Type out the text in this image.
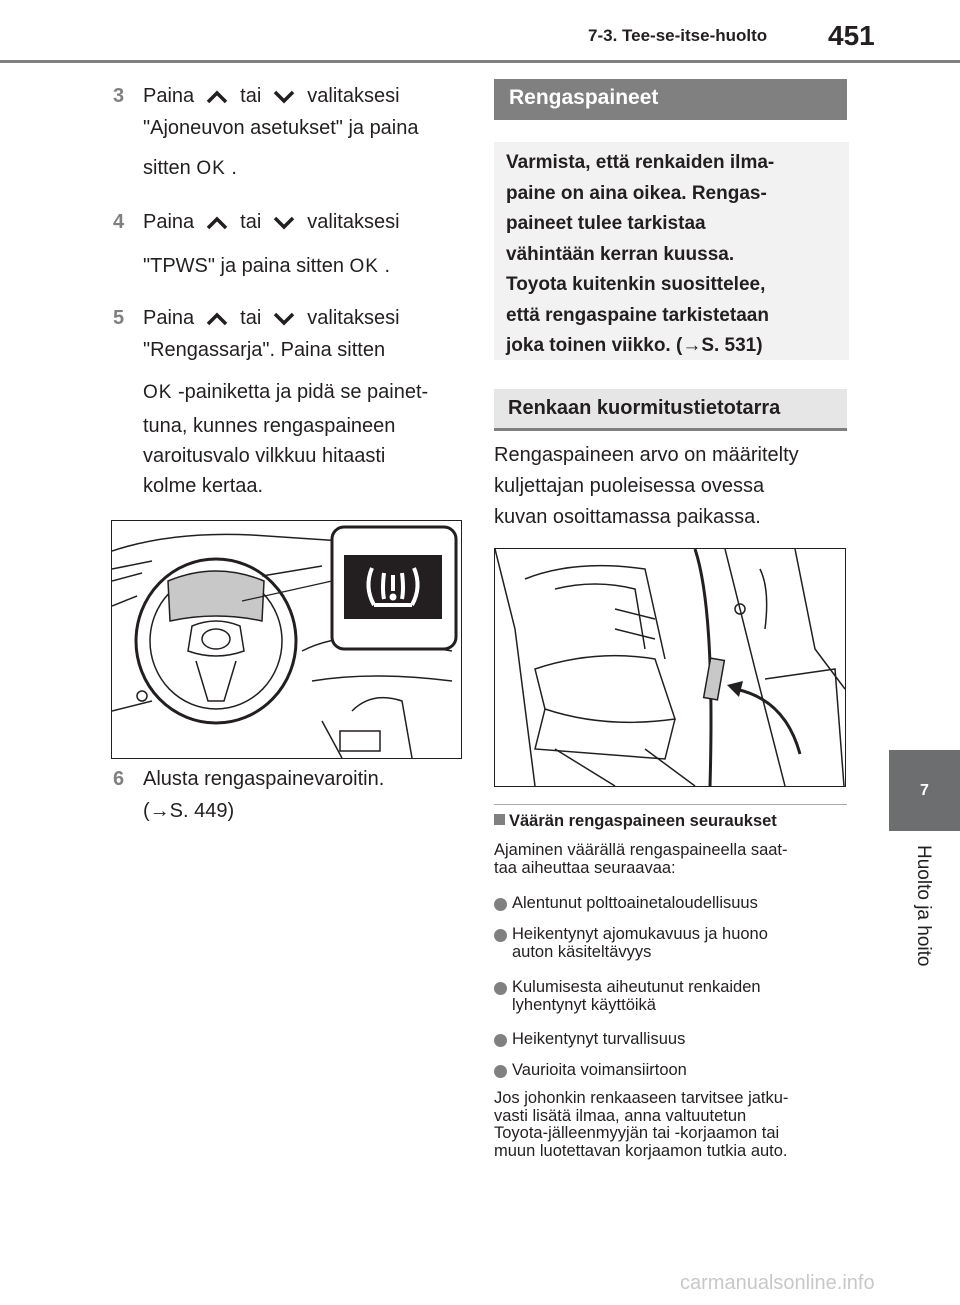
7-3. Tee-se-itse-huolto 451
7
Huolto ja hoito
3 Paina tai valitaksesi
"Ajoneuvon asetukset" ja paina
sitten OK .
4 Paina tai valitaksesi
"TPWS" ja paina sitten OK .
5 Paina tai valitaksesi
"Rengassarja". Paina sitten
OK -painiketta ja pidä se painet-
tuna, kunnes rengaspaineen
varoitusvalo vilkkuu hitaasti
kolme kertaa.
6 Alusta rengaspainevaroitin.
(→S. 449)
Rengaspaineet
Varmista, että renkaiden ilma-
paine on aina oikea. Rengas-
paineet tulee tarkistaa
vähintään kerran kuussa.
Toyota kuitenkin suosittelee,
että rengaspaine tarkistetaan
joka toinen viikko. (→S. 531)
Renkaan kuormitustietotarra
Rengaspaineen arvo on määritelty
kuljettajan puoleisessa ovessa
kuvan osoittamassa paikassa.
Väärän rengaspaineen seuraukset
Ajaminen väärällä rengaspaineella saat-
taa aiheuttaa seuraavaa:
Alentunut polttoainetaloudellisuus
Heikentynyt ajomukavuus ja huono
auton käsiteltävyys
Kulumisesta aiheutunut renkaiden
lyhentynyt käyttöikä
Heikentynyt turvallisuus
Vaurioita voimansiirtoon
Jos johonkin renkaaseen tarvitsee jatku-
vasti lisätä ilmaa, anna valtuutetun
Toyota-jälleenmyyjän tai -korjaamon tai
muun luotettavan korjaamon tutkia auto.
carmanualsonline.info
